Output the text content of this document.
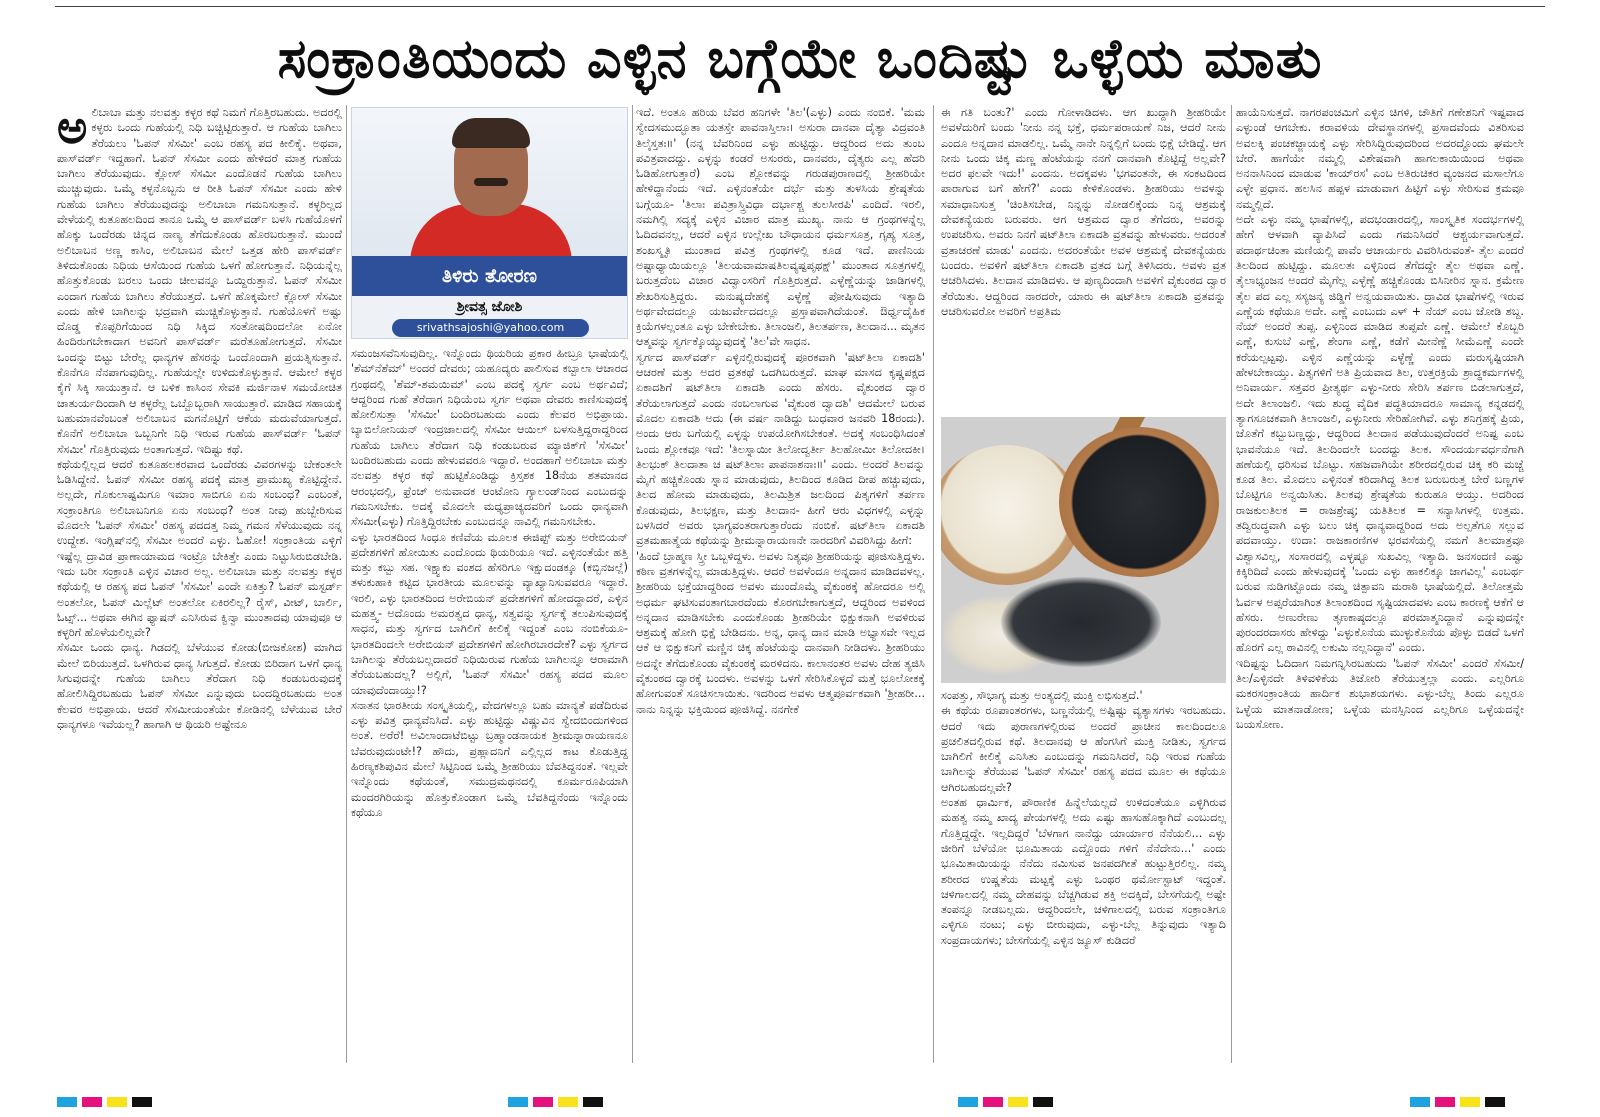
ಸಂಕ್ರಾಂತಿಯಂದು ಎಳ್ಳಿನ ಬಗ್ಗೆಯೇ ಒಂದಿಷ್ಟು ಒಳ್ಳೆಯ ಮಾತು
ಅ ಲಿಬಾಬಾ ಮತ್ತು ನಲವತ್ತು ಕಳ್ಳರ ಕಥೆ ನಿಮಗೆ ಗೊತ್ತಿರಬಹುದು. ಅದರಲ್ಲಿ ಕಳ್ಳರು ಒಂದು ಗುಹೆಯಲ್ಲಿ ನಿಧಿ ಬಚ್ಚಿಟ್ಟಿರುತ್ತಾರೆ. ಆ ಗುಹೆಯ ಬಾಗಿಲು ತೆರೆಯಲು 'ಓಪನ್ ಸೆಸಮೀ' ಎಂಬ ರಹಸ್ಯ ಪದ ಕೀಲಿಕೈ. ಅಥವಾ, ಪಾಸ್‌ವರ್ಡ್ ಇದ್ದಹಾಗೆ. ಓಪನ್ ಸೆಸಮೀ ಎಂದು ಹೇಳಿದರೆ ಮಾತ್ರ ಗುಹೆಯ ಬಾಗಿಲು ತೆರೆಯುವುದು. ಕ್ಲೋಸ್ ಸೆಸಮೀ ಎಂದೊಡನೆ ಗುಹೆಯ ಬಾಗಿಲು ಮುಚ್ಚುವುದು. ಒಮ್ಮೆ ಕಳ್ಳನೊಬ್ಬನು ಆ ರೀತಿ ಓಪನ್ ಸೆಸಮೀ ಎಂದು ಹೇಳಿ ಗುಹೆಯ ಬಾಗಿಲು ತೆರೆಯುವುದನ್ನು ಅಲಿಬಾಬಾ ಗಮನಿಸುತ್ತಾನೆ. ಕಳ್ಳರಿಲ್ಲದ ವೇಳೆಯಲ್ಲಿ ಕುತೂಹಲದಿಂದ ತಾನೂ ಒಮ್ಮೆ ಆ ಪಾಸ್‌ವರ್ಡ್ ಬಳಸಿ ಗುಹೆಯೊಳಗೆ ಹೊಕ್ಕು ಒಂದೆರಡು ಚಿನ್ನದ ನಾಣ್ಯ ತೆಗೆದುಕೊಂಡು ಹೊರಬರುತ್ತಾನೆ. ಮುಂದೆ ಅಲಿಬಾಬನ ಅಣ್ಣ ಕಾಸಿಂ, ಅಲಿಬಾಬನ ಮೇಲೆ ಒತ್ತಡ ಹೇರಿ ಪಾಸ್‌ವರ್ಡ್ ತಿಳಿದುಕೊಂಡು ನಿಧಿಯ ಆಸೆಯಿಂದ ಗುಹೆಯ ಒಳಗೆ ಹೋಗುತ್ತಾನೆ. ನಿಧಿಯನ್ನೆಲ್ಲ ಹೊತ್ತುಕೊಂಡು ಬರಲು ಒಂದು ಚೀಲವನ್ನೂ ಒಯ್ದಿರುತ್ತಾನೆ. ಓಪನ್ ಸೆಸಮೀ ಎಂದಾಗ ಗುಹೆಯ ಬಾಗಿಲು ತೆರೆಯುತ್ತದೆ. ಒಳಗೆ ಹೊಕ್ಕಮೇಲೆ ಕ್ಲೋಸ್ ಸೆಸಮೀ ಎಂದು ಹೇಳಿ ಬಾಗಿಲನ್ನು ಭದ್ರವಾಗಿ ಮುಚ್ಚಿಕೊಳ್ಳುತ್ತಾನೆ. ಗುಹೆಯೊಳಗೆ ಅಷ್ಟು ದೊಡ್ಡ ಕೊಪ್ಪರಿಗೆಯಿಂದ ನಿಧಿ ಸಿಕ್ಕಿದ ಸಂತೋಷದಿಂದಲೋ ಏನೋ ಹಿಂದಿರುಗಬೇಕಾದಾಗ ಅವನಿಗೆ ಪಾಸ್‌ವರ್ಡ್ ಮರೆತೂಹೋಗುತ್ತದೆ. ಸೆಸಮೀ ಒಂದನ್ನು ಬಿಟ್ಟು ಬೇರೆಲ್ಲ ಧಾನ್ಯಗಳ ಹೆಸರನ್ನು ಒಂದೊಂದಾಗಿ ಪ್ರಯತ್ನಿಸುತ್ತಾನೆ. ಕೊನೆಗೂ ನೆನಪಾಗುವುದಿಲ್ಲ. ಗುಹೆಯಲ್ಲೇ ಉಳಿದುಕೊಳ್ಳುತ್ತಾನೆ. ಆಮೇಲೆ ಕಳ್ಳರ ಕೈಗೆ ಸಿಕ್ಕಿ ಸಾಯುತ್ತಾನೆ. ಆ ಬಳಿಕ ಕಾಸಿಂನ ಸೇವಕಿ ಮರ್ಜಿನಾಳ ಸಮಯೋಚಿತ ಚಾತುರ್ಯದಿಂದಾಗಿ ಆ ಕಳ್ಳರೆಲ್ಲ ಒಬ್ಬೊಬ್ಬರಾಗಿ ಸಾಯುತ್ತಾರೆ. ಮಾಡಿದ ಸಹಾಯಕ್ಕೆ ಬಹುಮಾನವೆಂಬಂತೆ ಅಲಿಬಾಬನ ಮಗನೊಟ್ಟಿಗೆ ಆಕೆಯ ಮದುವೆಯಾಗುತ್ತದೆ. ಕೊನೆಗೆ ಅಲಿಬಾಬಾ ಒಬ್ಬನಿಗೇ ನಿಧಿ ಇರುವ ಗುಹೆಯ ಪಾಸ್‌ವರ್ಡ್ 'ಓಪನ್ ಸೆಸಮೀ' ಗೊತ್ತಿರುವುದು ಅಂತಾಗುತ್ತದೆ. ಇದಿಷ್ಟು ಕಥೆ.

ಕಥೆಯಲ್ಲಿಲ್ಲದ ಆದರೆ ಕುತೂಹಲಕರವಾದ ಒಂದೆರಡು ವಿವರಗಳನ್ನು ಬೇಕಂತಲೇ ಓಡಿಸಿದ್ದೇನೆ. ಓಪನ್ ಸೆಸಮೀ ರಹಸ್ಯ ಪದಕ್ಕೆ ಮಾತ್ರ ಪ್ರಾಮುಖ್ಯ ಕೊಟ್ಟಿದ್ದೇನೆ. ಅಲ್ಲದೇ, ಗೊಕುಲಾಷ್ಟಮಿಗೂ ಇಮಾಂ ಸಾಬಿಗೂ ಏನು ಸಂಬಂಧ? ಎಂಬಂತೆ, ಸಂಕ್ರಾಂತಿಗೂ ಅಲಿಬಾಬನಿಗೂ ಏನು ಸಂಬಂಧ? ಅಂತ ನೀವು ಹುಬ್ಬೇರಿಸುವ ಮೊದಲೇ 'ಓಪನ್ ಸೆಸಮೀ' ರಹಸ್ಯ ಪದದತ್ತ ನಿಮ್ಮ ಗಮನ ಸೆಳೆಯುವುದು ನನ್ನ ಉದ್ದೇಶ. ಇಂಗ್ಲಿಷ್‌ನಲ್ಲಿ ಸೆಸಮೀ ಅಂದರೆ ಎಳ್ಳು. ಓಹೋ! ಸಂಕ್ರಾಂತಿಯ ಎಳ್ಳಿಗೆ ಇಷ್ಟೆಲ್ಲ ದ್ರಾವಿಡ ಪ್ರಾಣಾಯಾಮದ ಇಂಟ್ರೊ ಬೇಕಿತ್ತೇ ಎಂದು ನಿಟ್ಟುಸಿರುಬಿಡಬೇಡಿ. ಇದು ಬರೀ ಸಂಕ್ರಾಂತಿ ಎಳ್ಳಿನ ವಿಚಾರ ಅಲ್ಲ. ಅಲಿಬಾಬಾ ಮತ್ತು ನಲವತ್ತು ಕಳ್ಳರ ಕಥೆಯಲ್ಲಿ ಆ ರಹಸ್ಯ ಪದ ಓಪನ್ 'ಸೆಸಮೀ' ಎಂದೇ ಏಕಿತ್ತು? ಓಪನ್ ಮಸ್ಟರ್ಡ್ ಅಂತಲೋ, ಓಪನ್ ಮಿಲ್ಲೆಟ್ ಅಂತಲೋ ಏಕಿರಲಿಲ್ಲ? ರೈಸ್, ವೀಟ್, ಬಾರ್ಲಿ, ಓಟ್ಸ್... ಅಥವಾ ಈಗಿನ ಫ್ಯಾಷನ್ ಎನಿಸಿರುವ ಕ್ವಿನ್ವಾ ಮುಂತಾದವು ಯಾವುವೂ ಆ ಕಳ್ಳರಿಗೆ ಹೊಳೆಯಲಿಲ್ಲವೇ?

ಸೆಸಮೀ ಒಂದು ಧಾನ್ಯ. ಗಿಡದಲ್ಲಿ ಬೆಳೆಯುವ ಕೋಡು(ಬೀಜಕೋಶ) ಮಾಗಿದ ಮೇಲೆ ಬಿರಿಯುತ್ತದೆ. ಒಳಗಿರುವ ಧಾನ್ಯ ಸಿಗುತ್ತದೆ. ಕೋಡು ಬಿರಿದಾಗ ಒಳಗೆ ಧಾನ್ಯ ಸಿಗುವುದನ್ನೇ ಗುಹೆಯ ಬಾಗಿಲು ತೆರೆದಾಗ ನಿಧಿ ಕಂಡುಬರುವುದಕ್ಕೆ ಹೋಲಿಸಿದ್ದಿರಬಹುದು ಓಪನ್ ಸೆಸಮೀ ಎನ್ನುವುದು ಬಂದದ್ದಿರಬಹುದು ಅಂತ ಕೆಲವರ ಅಭಿಪ್ರಾಯ. ಆದರೆ ಸೆಸಮೀಯಂತೆಯೇ ಕೋಡಿನಲ್ಲಿ ಬೆಳೆಯುವ ಬೇರೆ ಧಾನ್ಯಗಳೂ ಇವೆಯಲ್ಲ? ಹಾಗಾಗಿ ಆ ಥಿಯರಿ ಅಷ್ಟೇನೂ

ತಿಳಿರು ತೋರಣ
ಶ್ರೀವತ್ಸ ಜೋಶಿ
srivathsajoshi@yahoo.com

ಸಮಂಜಸವೆನಿಸುವುದಿಲ್ಲ. ಇನ್ನೊಂದು ಥಿಯರಿಯ ಪ್ರಕಾರ ಹೀಬ್ರೂ ಭಾಷೆಯಲ್ಲಿ 'ಶೆಮ್‌ನೆಶೆಮ್' ಅಂದರೆ ದೇವರು; ಯಹೂದ್ಯರು ಪಾಲಿಸುವ ಕಬ್ಬಾಲಾ ಆಚಾರದ ಗ್ರಂಥದಲ್ಲಿ 'ಶೆಮ್-ಶಮಯಿಮ್' ಎಂಬ ಪದಕ್ಕೆ ಸ್ವರ್ಗ ಎಂಬ ಅರ್ಥವಿದೆ; ಆದ್ದರಿಂದ ಗುಹೆ ತೆರೆದಾಗ ನಿಧಿಯೆಂಬ ಸ್ವರ್ಗ ಅಥವಾ ದೇವರು ಕಾಣಿಸುವುದಕ್ಕೆ ಹೋಲಿಸುತ್ತಾ 'ಸೆಸಮೀ' ಬಂದಿರಬಹುದು ಎಂದು ಕೆಲವರ ಅಭಿಪ್ರಾಯ. ಬ್ಯಾಬಿಲೋನಿಯನ್ ಇಂದ್ರಜಾಲದಲ್ಲಿ ಸೆಸಮೀ ಆಯಿಲ್ ಬಳಸುತ್ತಿದ್ದರಾದ್ದರಿಂದ ಗುಹೆಯ ಬಾಗಿಲು ತೆರೆದಾಗ ನಿಧಿ ಕಂಡುಬರುವ ಮ್ಯಾಜಿಕ್‌ಗೆ 'ಸೆಸಮೀ' ಬಂದಿರಬಹುದು ಎಂದು ಹೇಳುವವರೂ ಇದ್ದಾರೆ. ಅಂದಹಾಗೆ ಅಲಿಬಾಬಾ ಮತ್ತು ನಲವತ್ತು ಕಳ್ಳರ ಕಥೆ ಹುಟ್ಟಿಕೊಂಡಿದ್ದು ಕ್ರಿಸ್ತಶಕ 18ನೆಯ ಶತಮಾನದ ಆರಂಭದಲ್ಲಿ, ಫ್ರೆಂಚ್ ಅನುವಾದಕ ಆಂಟೋನಿ ಗ್ಯಾಲಂಡ್‌ನಿಂದ ಎಂಬುದನ್ನು ಗಮನಿಸಬೇಕು. ಅದಕ್ಕೆ ಮೊದಲೇ ಮಧ್ಯಪ್ರಾಚ್ಯದವರಿಗೆ ಒಂದು ಧಾನ್ಯವಾಗಿ ಸೆಸಮೀ(ಎಳ್ಳು) ಗೊತ್ತಿದ್ದಿರಬೇಕು ಎಂಬುದನ್ನೂ ನಾವಿಲ್ಲಿ ಗಮನಿಸಬೇಕು.

ಎಳ್ಳು ಭಾರತದಿಂದ ಸಿಂಧೂ ಕಣಿವೆಯ ಮೂಲಕ ಈಜಿಪ್ಟ್ ಮತ್ತು ಅರೇಬಿಯನ್ ಪ್ರದೇಶಗಳಿಗೆ ಹೋಯಿತು ಎಂದೊಂದು ಥಿಯರಿಯೂ ಇದೆ. ಎಳ್ಳಿನಂತೆಯೇ ಹತ್ತಿ ಮತ್ತು ಕಬ್ಬು ಸಹ. ಇಕ್ಷ್ವಾಕು ವಂಶದ ಹೆಸರಿಗೂ ಇಕ್ಷುದಂಡಕ್ಕೂ (ಕಬ್ಬಿನಜಲ್ಲೆ) ತಳುಕುಹಾಕಿ ಕಟ್ಟಿದ ಭಾರತೀಯ ಮೂಲವನ್ನು ವ್ಯಾಖ್ಯಾನಿಸುವವರೂ ಇದ್ದಾರೆ. ಇರಲಿ, ಎಳ್ಳು ಭಾರತದಿಂದ ಅರೇಬಿಯನ್ ಪ್ರದೇಶಗಳಿಗೆ ಹೋದದ್ದಾದರೆ, ಎಳ್ಳಿನ ಮಹತ್ತ್ವ- ಅದೊಂದು ಅಮರತ್ವದ ಧಾನ್ಯ, ಸತ್ವವನ್ನು ಸ್ವರ್ಗಕ್ಕೆ ತಲುಪಿಸುವುದಕ್ಕೆ ಸಾಧನ, ಮತ್ತು ಸ್ವರ್ಗದ ಬಾಗಿಲಿಗೆ ಕೀಲಿಕೈ ಇದ್ದಂತೆ ಎಂಬ ನಂಬಿಕೆಯೂ- ಭಾರತದಿಂದಲೇ ಅರೇಬಿಯನ್ ಪ್ರದೇಶಗಳಿಗೆ ಹೋಗಿರಬಾರದೇಕೆ? ಎಳ್ಳು ಸ್ವರ್ಗದ ಬಾಗಿಲನ್ನು ತೆರೆಯಬಲ್ಲದಾದರೆ ನಿಧಿಯಿರುವ ಗುಹೆಯ ಬಾಗಿಲನ್ನೂ ಆರಾಮಾಗಿ ತೆರೆಯಬಹುದಲ್ಲ? ಅಲ್ಲಿಗೆ, 'ಓಪನ್ ಸೆಸಮೀ' ರಹಸ್ಯ ಪದದ ಮೂಲ ಯಾವುದೆಂದಾಯ್ತು!?

ಸನಾತನ ಭಾರತೀಯ ಸಂಸ್ಕೃತಿಯಲ್ಲಿ, ವೇದಗಳಲ್ಲೂ ಬಹು ಮಾನ್ಯತೆ ಪಡೆದಿರುವ ಎಳ್ಳು ಪವಿತ್ರ ಧಾನ್ಯವೆನಿಸಿದೆ. ಎಳ್ಳು ಹುಟ್ಟಿದ್ದು ವಿಷ್ಣುವಿನ ಸ್ವೇದಬಿಂದುಗಳಿಂದ ಅಂತೆ. ಅರೆರೆ! ಅವಿಲಾಂದಾಟೆಬಿಟ್ಟು ಬ್ರಹ್ಮಾಂಡನಾಯಕ ಶ್ರೀಮನ್ನಾರಾಯಣನೂ ಬೆವರುವುದುಂಟೇ!? ಹೌದು, ಪ್ರಹ್ಲಾದನಿಗೆ ಎಲ್ಲಿಲ್ಲದ ಕಾಟ ಕೊಡುತ್ತಿದ್ದ ಹಿರಣ್ಯಕಶಿಪುವಿನ ಮೇಲೆ ಸಿಟ್ಟಿನಿಂದ ಒಮ್ಮೆ ಶ್ರೀಹರಿಯು ಬೆವತಿದ್ದನಂತೆ. ಇಲ್ಲವೇ ಇನ್ನೊಂದು ಕಥೆಯಂತೆ, ಸಮುದ್ರಮಥನದಲ್ಲಿ ಕೂರ್ಮರೂಪಿಯಾಗಿ ಮಂದರಗಿರಿಯನ್ನು ಹೊತ್ತುಕೊಂಡಾಗ ಒಮ್ಮೆ ಬೆವತಿದ್ದನೆಂದು ಇನ್ನೊಂದು ಕಥೆಯೂ

ಇದೆ. ಅಂತೂ ಹರಿಯ ಬೆವರ ಹನಿಗಳೇ 'ತಿಲ'(ಎಳ್ಳು) ಎಂದು ನಂಬಿಕೆ. 'ಮಮ ಸ್ವೇದಸಮುದ್ಭೂತಾ ಯತಸ್ತೇ ಪಾವನಾಸ್ತಿಲಾಃ। ಅಸುರಾ ದಾನವಾ ದೈತ್ಯಾ ವಿದ್ರವಂತಿ ತಿಲೈಸ್ತತಃ॥' (ನನ್ನ ಬೆವರಿನಿಂದ ಎಳ್ಳು ಹುಟ್ಟಿದ್ದು. ಆದ್ದರಿಂದ ಅದು ತುಂಬ ಪವಿತ್ರವಾದದ್ದು. ಎಳ್ಳನ್ನು ಕಂಡರೆ ಅಸುರರು, ದಾನವರು, ದೈತ್ಯರು ಎಲ್ಲ ಹೆದರಿ ಓಡಿಹೋಗುತ್ತಾರೆ) ಎಂಬ ಶ್ಲೋಕವನ್ನು ಗರುಡಪುರಾಣದಲ್ಲಿ ಶ್ರೀಹರಿಯೇ ಹೇಳಿದ್ದಾನೆಂದು ಇದೆ. ಎಳ್ಳಿನಂತೆಯೇ ದರ್ಭೆ ಮತ್ತು ತುಳಸಿಯ ಶ್ರೇಷ್ಠತೆಯ ಬಗ್ಗೆಯೂ- 'ತಿಲಾಃ ಪವಿತ್ರಾಸ್ತ್ರಿವಿಧಾ ದರ್ಭಾಶ್ಚ ತುಲಸೀರಪಿ' ಎಂದಿದೆ. ಇರಲಿ, ನಮಗಿಲ್ಲಿ ಸದ್ಯಕ್ಕೆ ಎಳ್ಳಿನ ವಿಚಾರ ಮಾತ್ರ ಮುಖ್ಯ. ನಾನು ಆ ಗ್ರಂಥಗಳನ್ನೆಲ್ಲ ಓದಿದವನಲ್ಲ, ಆದರೆ ಎಳ್ಳಿನ ಉಲ್ಲೇಖ ಬೌಧಾಯನ ಧರ್ಮಸೂತ್ರ, ಗೃಹ್ಯ ಸೂತ್ರ, ಶಂಖಸ್ಮೃತಿ ಮುಂತಾದ ಪವಿತ್ರ ಗ್ರಂಥಗಳಲ್ಲಿ ಕೂಡ ಇದೆ. ಪಾಣಿನಿಯ ಅಷ್ಟಾಧ್ಯಾಯಿಯಲ್ಲೂ 'ತಿಲಯವಾಮಾಷತಿಲವ್ಯಷ್ಟಪೃಥಕ್ಷ್' ಮುಂತಾದ ಸೂತ್ರಗಳಲ್ಲಿ ಬರುತ್ತದೆಂಬ ವಿಚಾರ ವಿದ್ವಾಂಸರಿಗೆ ಗೊತ್ತಿರುತ್ತದೆ. ಎಳ್ಳೆಣ್ಣೆಯನ್ನು ಜಾಡಿಗಳಲ್ಲಿ ಶೇಖರಿಸುತ್ತಿದ್ದರು. ಮನುಷ್ಯದೇಹಕ್ಕೆ ಎಳ್ಳೆಣ್ಣೆ ಪೋಷಿಸುವುದು ಇತ್ಯಾದಿ ಅರ್ಥವೇದದಲ್ಲೂ ಯಜುರ್ವೇದದಲ್ಲೂ ಪ್ರಸ್ತಾಪವಾಗಿದೆಯಂತೆ. ಔರ್ಧ್ವದೈಹಿಕ ಕ್ರಿಯೆಗಳಲ್ಲಂತೂ ಎಳ್ಳು ಬೇಕೇಬೇಕು. ತಿಲಾಂಜಲಿ, ತಿಲತರ್ಪಣ, ತಿಲದಾನ... ಮೃತನ ಆತ್ಮವನ್ನು ಸ್ವರ್ಗಕ್ಕೊಯ್ಯುವುದಕ್ಕೆ 'ತಿಲ'ವೇ ಸಾಧನ.

ಸ್ವರ್ಗದ ಪಾಸ್‌ವರ್ಡ್ ಎಳ್ಳಿನಲ್ಲಿರುವುದಕ್ಕೆ ಪೂರಕವಾಗಿ 'ಷಟ್‌ತಿಲಾ ಏಕಾದಶಿ' ಆಚರಣೆ ಮತ್ತು ಅದರ ವ್ರತಕಥೆ ಒದಗಿಬರುತ್ತದೆ. ಮಾಘ ಮಾಸದ ಕೃಷ್ಣಪಕ್ಷದ ಏಕಾದಶಿಗೆ ಷಟ್‌ತಿಲಾ ಏಕಾದಶಿ ಎಂದು ಹೆಸರು. ವೈಕುಂಠದ ದ್ವಾರ ತೆರೆಯಲಾಗುತ್ತದೆ ಎಂದು ನಂಬಲಾಗುವ 'ವೈಕುಂಠ ದ್ವಾದಶಿ' ಆದಮೇಲೆ ಬರುವ ಮೊದಲ ಏಕಾದಶಿ ಅದು (ಈ ವರ್ಷ ನಾಡಿದ್ದು ಬುಧವಾರ ಜನವರಿ 18ರಂದು). ಅಂದು ಆರು ಬಗೆಯಲ್ಲಿ ಎಳ್ಳನ್ನು ಉಪಯೋಗಿಸಬೇಕಂತೆ. ಅದಕ್ಕೆ ಸಂಬಂಧಿಸಿದಂತೆ ಒಂದು ಶ್ಲೋಕವೂ ಇದೆ: 'ತಿಲಸ್ನಾಯೀ ತಿಲೋದ್ವರ್ತೀ ತಿಲಹೋಮೀ ತಿಲೋದಕೀ। ತಿಲಭುಕ್ ತಿಲದಾತಾ ಚ ಷಟ್‌ತಿಲಾಃ ಪಾಪನಾಶನಾಃ॥' ಎಂದು. ಅಂದರೆ ತಿಲವನ್ನು ಮೈಗೆ ಹಚ್ಚಿಕೊಂಡು ಸ್ನಾನ ಮಾಡುವುದು, ತಿಲದಿಂದ ಕೂಡಿದ ದೀಪ ಹಚ್ಚುವುದು, ತಿಲದ ಹೋಮ ಮಾಡುವುದು, ತಿಲಮಿಶ್ರಿತ ಜಲದಿಂದ ಪಿತೃಗಳಿಗೆ ತರ್ಪಣ ಕೊಡುವುದು, ತಿಲಭಕ್ಷಣ, ಮತ್ತು ತಿಲದಾನ- ಹೀಗೆ ಆರು ವಿಧಗಳಲ್ಲಿ ಎಳ್ಳನ್ನು ಬಳಸಿದರೆ ಅವರು ಭಾಗ್ಯವಂತರಾಗುತ್ತಾರೆಂದು ನಂಬಿಕೆ. ಷಟ್‌ತಿಲಾ ಏಕಾದಶಿ ವ್ರತಮಹಾತ್ಮೆಯ ಕಥೆಯನ್ನು ಶ್ರೀಮನ್ನಾರಾಯಣನೇ ನಾರದರಿಗೆ ವಿವರಿಸಿದ್ದು ಹೀಗೆ:

'ಹಿಂದೆ ಬ್ರಾಹ್ಮಣ ಸ್ತ್ರೀ ಒಬ್ಬಳಿದ್ದಳು. ಅವಳು ನಿತ್ಯವೂ ಶ್ರೀಹರಿಯನ್ನು ಪೂಜಿಸುತ್ತಿದ್ದಳು. ಕಠಿಣ ವ್ರತಗಳನ್ನೆಲ್ಲ ಮಾಡುತ್ತಿದ್ದಳು. ಆದರೆ ಅವಳೆಂದೂ ಅನ್ನದಾನ ಮಾಡಿದವಳಲ್ಲ. ಶ್ರೀಹರಿಯ ಭಕ್ತೆಯಾದ್ದರಿಂದ ಅವಳು ಮುಂದೊಮ್ಮೆ ವೈಕುಂಠಕ್ಕೆ ಹೋದರೂ ಅಲ್ಲಿ ಅಧರ್ಮ ಘಟಿಸುವಂತಾಗಬಾರದೆಂದು ಕೊರಗಬೇಕಾಗುತ್ತದೆ, ಆದ್ದರಿಂದ ಅವಳಿಂದ ಅನ್ನದಾನ ಮಾಡಿಸಬೇಕು ಎಂದುಕೊಂಡು ಶ್ರೀಹರಿಯೇ ಭಿಕ್ಷುಕನಾಗಿ ಅವಳಿರುವ ಆಶ್ರಮಕ್ಕೆ ಹೋಗಿ ಭಿಕ್ಷೆ ಬೇಡಿದನು. ಅನ್ನ, ಧಾನ್ಯ ದಾನ ಮಾಡಿ ಅಭ್ಯಾಸವೇ ಇಲ್ಲದ ಆಕೆ ಆ ಭಿಕ್ಷುಕನಿಗೆ ಮಣ್ಣಿನ ಚಿಕ್ಕ ಹೆಂಟೆಯನ್ನು ದಾನವಾಗಿ ನೀಡಿದಳು. ಶ್ರೀಹರಿಯು ಅದನ್ನೇ ತೆಗೆದುಕೊಂಡು ವೈಕುಂಠಕ್ಕೆ ಮರಳಿದನು. ಕಾಲಾನಂತರ ಅವಳು ದೇಹ ತ್ಯಜಿಸಿ ವೈಕುಂಠದ ದ್ವಾರಕ್ಕೆ ಬಂದಳು. ಅವಳನ್ನು ಒಳಗೆ ಸೇರಿಸಿಕೊಳ್ಳದೆ ಮತ್ತೆ ಭೂಲೋಕಕ್ಕೆ ಹೋಗುವಂತೆ ಸೂಚಿಸಲಾಯಿತು. ಇದರಿಂದ ಅವಳು ಆತ್ಮಪೂರ್ವಕವಾಗಿ 'ಶ್ರೀಹರೀ... ನಾನು ನಿನ್ನನ್ನು ಭಕ್ತಿಯಿಂದ ಪೂಜಿಸಿದ್ದೆ. ನನಗೇಕೆ

ಈ ಗತಿ ಬಂತು?' ಎಂದು ಗೋಳಾಡಿದಳು. ಆಗ ಖುದ್ದಾಗಿ ಶ್ರೀಹರಿಯೇ ಅವಳೆದುರಿಗೆ ಬಂದು 'ನೀನು ನನ್ನ ಭಕ್ತೆ, ಧರ್ಮಪರಾಯಣೆ ನಿಜ, ಆದರೆ ನೀನು ಎಂದೂ ಅನ್ನದಾನ ಮಾಡಲಿಲ್ಲ. ಒಮ್ಮೆ ನಾನೇ ನಿನ್ನಲ್ಲಿಗೆ ಬಂದು ಭಿಕ್ಷೆ ಬೇಡಿದ್ದೆ. ಆಗ ನೀನು ಒಂದು ಚಿಕ್ಕ ಮಣ್ಣ ಹೆಂಟೆಯನ್ನು ನನಗೆ ದಾನವಾಗಿ ಕೊಟ್ಟಿದ್ದೆ ಅಲ್ಲವೇ? ಅದರ ಫಲವೇ ಇದು!' ಎಂದನು. ಅದಕ್ಕವಳು 'ಭಗವಂತನೇ, ಈ ಸಂಕಟದಿಂದ ಪಾರಾಗುವ ಬಗೆ ಹೇಗೆ?' ಎಂದು ಕೇಳಿಕೊಂಡಳು. ಶ್ರೀಹರಿಯು ಅವಳನ್ನು ಸಮಾಧಾನಿಸುತ್ತ 'ಚಿಂತಿಸಬೇಡ, ನಿನ್ನನ್ನು ನೋಡಲಿಕ್ಕೆಂದು ನಿನ್ನ ಆಶ್ರಮಕ್ಕೆ ದೇವಕನ್ಯೆಯರು ಬರುವರು. ಆಗ ಆಶ್ರಮದ ದ್ವಾರ ತೆಗೆದರು, ಅವರನ್ನು ಉಪಚರಿಸು. ಅವರು ನಿನಗೆ ಷಟ್‌ತಿಲಾ ಏಕಾದಶಿ ವ್ರತವನ್ನು ಹೇಳುವರು. ಅದರಂತೆ ವ್ರತಾಚರಣೆ ಮಾಡು' ಎಂದನು. ಅದರಂತೆಯೇ ಅವಳ ಆಶ್ರಮಕ್ಕೆ ದೇವಕನ್ಯೆಯರು ಬಂದರು. ಅವಳಿಗೆ ಷಟ್‌ತಿಲಾ ಏಕಾದಶಿ ವ್ರತದ ಬಗ್ಗೆ ತಿಳಿಸಿದರು. ಅವಳು ವ್ರತ ಆಚರಿಸಿದಳು. ತಿಲದಾನ ಮಾಡಿದಳು. ಆ ಪುಣ್ಯದಿಂದಾಗಿ ಅವಳಿಗೆ ವೈಕುಂಠದ ದ್ವಾರ ತೆರೆಯಿತು. ಆದ್ದರಿಂದ ನಾರದರೇ, ಯಾರು ಈ ಷಟ್‌ತಿಲಾ ಏಕಾದಶಿ ವ್ರತವನ್ನು ಆಚರಿಸುವರೋ ಅವರಿಗೆ ಅಪ್ರತಿಮ

ಸಂಪತ್ತು, ಸೌಭಾಗ್ಯ ಮತ್ತು ಅಂತ್ಯದಲ್ಲಿ ಮುಕ್ತಿ ಲಭಿಸುತ್ತದೆ.'

ಈ ಕಥೆಯ ರೂಪಾಂತರಗಳು, ಬಣ್ಣನೆಯಲ್ಲಿ ಅಷ್ಟಿಷ್ಟು ವ್ಯತ್ಯಾಸಗಳು ಇರಬಹುದು. ಆದರೆ ಇದು ಪುರಾಣಗಳಲ್ಲಿರುವ ಅಂದರೆ ಪ್ರಾಚೀನ ಕಾಲದಿಂದಲೂ ಪ್ರಚಲಿತದಲ್ಲಿರುವ ಕಥೆ. ತಿಲದಾನವು ಆ ಹೆಂಗಸಿಗೆ ಮುಕ್ತಿ ನೀಡಿತು, ಸ್ವರ್ಗದ ಬಾಗಿಲಿಗೆ ಕೀಲಿಕೈ ಎನಿಸಿತು ಎಂಬುದನ್ನು ಗಮನಿಸಿದರೆ, ನಿಧಿ ಇರುವ ಗುಹೆಯ ಬಾಗಿಲನ್ನು ತೆರೆಯುವ 'ಓಪನ್ ಸೆಸಮೀ' ರಹಸ್ಯ ಪದದ ಮೂಲ ಈ ಕಥೆಯೂ ಆಗಿರಬಹುದಲ್ಲವೇ?

ಅಂತಹ ಧಾರ್ಮಿಕ, ಪೌರಾಣಿಕ ಹಿನ್ನೆಲೆಯಲ್ಲದೆ ಉಳಿದಂತೆಯೂ ಎಳ್ಳಿಗಿರುವ ಮಹತ್ವ ನಮ್ಮ ಖಾದ್ಯ ಪೇಯಗಳಲ್ಲಿ ಅದು ಎಷ್ಟು ಹಾಸುಹೊಕ್ಕಾಗಿದೆ ಎಂಬುದಲ್ಲ ಗೊತ್ತಿದ್ದದ್ದೇ. ಇಲ್ಲದಿದ್ದರೆ 'ಬೆಳಗಾಗ ನಾನೆದ್ದು ಯಾರ್ಯಾರ ನೆನೆಯಲಿ... ಎಳ್ಳು ಜೀರಿಗೆ ಬೆಳೆಯೋ ಭೂಮಿತಾಯ ಎದ್ದೊಂದು ಗಳಿಗೆ ನೆನೆದೇನು...' ಎಂದು ಭೂಮಿತಾಯಿಯನ್ನು ನೆನೆದು ನಮಿಸುವ ಜನಪದಗೀತೆ ಹುಟ್ಟುತ್ತಿರಲಿಲ್ಲ. ನಮ್ಮ ಶರೀರದ ಉಷ್ಣತೆಯ ಮಟ್ಟಕ್ಕೆ ಎಳ್ಳು ಒಂಥರ ಥರ್ಮೋಸ್ಟಾಟ್ ಇದ್ದಂತೆ. ಚಳಿಗಾಲದಲ್ಲಿ ನಮ್ಮ ದೇಹವನ್ನು ಬೆಚ್ಚಗಿಡುವ ಶಕ್ತಿ ಅದಕ್ಕಿದೆ, ಬೇಸಗೆಯಲ್ಲಿ ಅಷ್ಟೇ ತಂಪನ್ನೂ ನೀಡಬಲ್ಲದು. ಆದ್ದರಿಂದಲೇ, ಚಳಿಗಾಲದಲ್ಲಿ ಬರುವ ಸಂಕ್ರಾಂತಿಗೂ ಎಳ್ಳಿಗೂ ನಂಟು; ಎಳ್ಳು ಬೀರುವುದು, ಎಳ್ಳು-ಬೆಲ್ಲ ತಿನ್ನುವುದು ಇತ್ಯಾದಿ ಸಂಪ್ರದಾಯಗಳು; ಬೇಸಗೆಯಲ್ಲಿ ಎಳ್ಳಿನ ಜ್ಯೂಸ್ ಕುಡಿದರೆ

ಹಾಯೆನಿಸುತ್ತದೆ. ನಾಗರಪಂಚಮಿಗೆ ಎಳ್ಳಿನ ಚಿಗಳಿ, ಚೌತಿಗೆ ಗಣೇಶನಿಗೆ ಇಷ್ಟವಾದ ಎಳ್ಳುಂಡೆ ಆಗಬೇಕು. ಕರಾವಳಿಯ ದೇವಸ್ಥಾನಗಳಲ್ಲಿ ಪ್ರಸಾದವೆಂದು ವಿತರಿಸುವ ಅವಲಕ್ಕಿ ಪಂಚಕಜ್ಜಾಯಕ್ಕೆ ಎಳ್ಳು ಸೇರಿಸಿದ್ದಿರುವುದರಿಂದ ಅದರದ್ದೊಂದು ಘಮಲೇ ಬೇರೆ. ಹಾಗೆಯೇ ನಮ್ಮಲ್ಲಿ ವಿಶೇಷವಾಗಿ ಹಾಗಲಕಾಯಿಯಿಂದ ಅಥವಾ ಅನನಾಸಿನಿಂದ ಮಾಡುವ 'ಕಾಯ್‌ರಸ' ಎಂಬ ಅತಿರುಚಿಕರ ವ್ಯಂಜನದ ಮಸಾಲೆಗೂ ಎಳ್ಳೇ ಪ್ರಧಾನ. ಹಲಸಿನ ಹಪ್ಪಳ ಮಾಡುವಾಗ ಹಿಟ್ಟಿಗೆ ಎಳ್ಳು ಸೇರಿಸುವ ಕ್ರಮವೂ ನಮ್ಮಲ್ಲಿದೆ.

ಅದೇ ಎಳ್ಳು ನಮ್ಮ ಭಾಷೆಗಳಲ್ಲಿ, ಪದಭಂಡಾರದಲ್ಲಿ, ಸಾಂಸ್ಕೃತಿಕ ಸಂದರ್ಭಗಳಲ್ಲಿ ಹೇಗೆ ಆಳವಾಗಿ ವ್ಯಾಪಿಸಿದೆ ಎಂದು ಗಮನಿಸಿದರೆ ಆಶ್ಚರ್ಯವಾಗುತ್ತದೆ. ಪದಾರ್ಥಚಿಂತಾ ಮಣಿಯಲ್ಲಿ ಪಾವೆಂ ಆಚಾರ್ಯರು ವಿವರಿಸಿರುವಂತೆ- ತೈಲ ಎಂದರೆ ತಿಲದಿಂದ ಹುಟ್ಟಿದ್ದು. ಮೂಲತಃ ಎಳ್ಳಿನಿಂದ ತೆಗೆದದ್ದೇ ತೈಲ ಅಥವಾ ಎಣ್ಣೆ. ತೈಲಾಭ್ಯಂಜನ ಅಂದರೆ ಮೈಗೆಲ್ಲ ಎಳ್ಳೆಣ್ಣೆ ಹಚ್ಚಿಕೊಂಡು ಬಿಸಿನೀರಿನ ಸ್ನಾನ. ಕ್ರಮೇಣ ತೈಲ ಪದ ಎಲ್ಲ ಸಸ್ಯಜನ್ಯ ಜಿಡ್ಡಿಗೆ ಅನ್ವಯವಾಯಿತು. ದ್ರಾವಿಡ ಭಾಷೆಗಳಲ್ಲಿ ಇರುವ ಎಣ್ಣೆಯ ಕಥೆಯೂ ಅದೇ. ಎಣ್ಣೆ ಎಂಬುದು ಎಳ್ + ನೆಯ್ ಎಂಬ ಜೋಡಿ ಶಬ್ದ. ನೆಯ್ ಅಂದರೆ ತುಪ್ಪ. ಎಳ್ಳಿನಿಂದ ಮಾಡಿದ ತುಪ್ಪವೇ ಎಣ್ಣೆ. ಆಮೇಲೆ ಕೊಬ್ಬರಿ ಎಣ್ಣೆ, ಕುಸುಬೆ ಎಣ್ಣೆ, ಶೇಂಗಾ ಎಣ್ಣೆ, ಕಡೆಗೆ ಮೀನೆಣ್ಣೆ ಸೀಮೆಎಣ್ಣೆ ಎಂದೇ ಕರೆಯಲ್ಪಟ್ಟವು. ಎಳ್ಳಿನ ಎಣ್ಣೆಯನ್ನು ಎಳ್ಳೆಣ್ಣೆ ಎಂದು ಮರುಸೃಷ್ಟಿಯಾಗಿ ಹೇಳಬೇಕಾಯ್ತು. ಪಿತೃಗಳಿಗೆ ಅತಿ ಪ್ರಿಯವಾದ ತಿಲ, ಉತ್ತರಕ್ರಿಯೆ ಶ್ರಾದ್ಧಕರ್ಮಗಳಲ್ಲಿ ಅನಿವಾರ್ಯ. ಸತ್ತವರ ಪ್ರೀತ್ಯರ್ಥ ಎಳ್ಳು-ನೀರು ಸೇರಿಸಿ ತರ್ಪಣ ಬಿಡಲಾಗುತ್ತದೆ, ಅದೇ ತಿಲಾಂಜಲಿ. ಇದು ಶುದ್ಧ ವೈದಿಕ ಪದ್ಧತಿಯಾದರೂ ಸಾಮಾನ್ಯ ಕನ್ನಡದಲ್ಲಿ ತ್ಯಾಗಸೂಚಕವಾಗಿ ತಿಲಾಂಜಲಿ, ಎಳ್ಳುನೀರು ಸೇರಿಹೋಗಿವೆ. ಎಳ್ಳು ಶನಿಗ್ರಹಕ್ಕೆ ಪ್ರಿಯ, ಜೊತೆಗೆ ಕಬ್ಬುಬಣ್ಣದ್ದು, ಆದ್ದರಿಂದ ತಿಲದಾನ ಪಡೆಯುವುದೆಂದರೆ ಅನಿಷ್ಟ ಎಂಬ ಭಾವನೆಯೂ ಇದೆ. ತಿಲದಿಂದಲೇ ಬಂದದ್ದು ತಿಲಕ. ಸೌಂದರ್ಯವರ್ಧನೆಗಾಗಿ ಹಣೆಯಲ್ಲಿ ಧರಿಸುವ ಬೊಟ್ಟು. ಸಹಜವಾಗಿಯೇ ಶರೀರದಲ್ಲಿರುವ ಚಿಕ್ಕ ಕರಿ ಮಚ್ಚೆ ಕೂಡ ತಿಲ. ಮೊದಲು ಎಳ್ಳಿನಂತೆ ಕರಿದಾಗಿದ್ದ ತಿಲಕ ಬರುಬರುತ್ತ ಬೇರೆ ಬಣ್ಣಗಳ ಬೊಟ್ಟಿಗೂ ಅನ್ವಯಿಸಿತು. ತಿಲಕವು ಶ್ರೇಷ್ಠತೆಯ ಕುರುಹೂ ಆಯ್ತು. ಅದರಿಂದ ರಾಜಕುಲತಿಲಕ = ರಾಜಶ್ರೇಷ್ಠ; ಯತಿತಿಲಕ = ಸನ್ಯಾಸಿಗಳಲ್ಲಿ ಉತ್ತಮ. ತದ್ವಿರುದ್ಧವಾಗಿ ಎಳ್ಳು ಬಲು ಚಿಕ್ಕ ಧಾನ್ಯವಾದ್ದರಿಂದ ಅದು ಅಲ್ಪತೆಗೂ ಸಲ್ಲುವ ಪದವಾಯ್ತು. ಉದಾ: ರಾಜಕಾರಣಿಗಳ ಭರವಸೆಯಲ್ಲಿ ನಮಗೆ ತಿಲಮಾತ್ರವೂ ವಿಶ್ವಾಸವಿಲ್ಲ, ಸಂಸಾರದಲ್ಲಿ ಎಳ್ಳಷ್ಟೂ ಸುಖವಿಲ್ಲ ಇತ್ಯಾದಿ. ಜನಸಂದಣಿ ಎಷ್ಟು ಕಿಕ್ಕಿರಿದಿದೆ ಎಂದು ಹೇಳುವುದಕ್ಕೆ 'ಒಂದು ಎಳ್ಳು ಹಾಕಲಿಕ್ಕೂ ಜಾಗವಿಲ್ಲ' ಎಂಬರ್ಥ ಬರುವ ನುಡಿಗಟ್ಟೊಂದು ನಮ್ಮ ಚಿತ್ಪಾವನಿ ಮರಾಠಿ ಭಾಷೆಯಲ್ಲಿದೆ. ತಿಲೋತ್ತಮೆ ಓರ್ವಳ ಅಪ್ಸರೆಯಾಗಿಂತ ತಿಲಾಂಶದಿಂದ ಸೃಷ್ಟಿಯಾದವಳು ಎಂಬ ಕಾರಣಕ್ಕೆ ಆಕೆಗೆ ಆ ಹೆಸರು. ಅಣುರೇಣು ತೃಣಕಾಷ್ಠದಲ್ಲೂ ಪರಮಾತ್ಮನಿದ್ದಾನೆ ಎನ್ನುವುದನ್ನೇ ಪುರಂದರದಾಸರು ಹೇಳಿದ್ದು 'ಎಳ್ಳುಕೊನೆಯ ಮುಳ್ಳುಕೊನೆಯ ಪೊಳ್ಳು ಬಿಡದೆ ಒಳಗೆ ಹೊರಗೆ ಎಲ್ಲ ಠಾವಿನಲ್ಲಿ ಲಕುಮಿ ನಲ್ಲನಿದ್ದಾನೆ' ಎಂದು.

ಇದಿಷ್ಟನ್ನು ಓದಿದಾಗ ನಿಮಗನ್ನಿಸಿರಬಹುದು 'ಓಪನ್ ಸೆಸಮೀ' ಎಂದರೆ ಸೆಸಮೀ/ತಿಲ/ಎಳ್ಳಿನದೇ ತಿಳಿವಳಿಕೆಯ ತಿಜೋರಿ ತೆರೆಯುತ್ತಲ್ಲಾ ಎಂದು. ಎಲ್ಲರಿಗೂ ಮಕರಸಂಕ್ರಾಂತಿಯ ಹಾರ್ದಿಕ ಶುಭಾಶಯಗಳು. ಎಳ್ಳು-ಬೆಲ್ಲ ತಿಂದು ಎಲ್ಲರೂ ಒಳ್ಳೆಯ ಮಾತನಾಡೋಣ; ಒಳ್ಳೆಯ ಮನಸ್ಸಿನಿಂದ ಎಲ್ಲರಿಗೂ ಒಳ್ಳೆಯದನ್ನೇ ಬಯಸೋಣ.
